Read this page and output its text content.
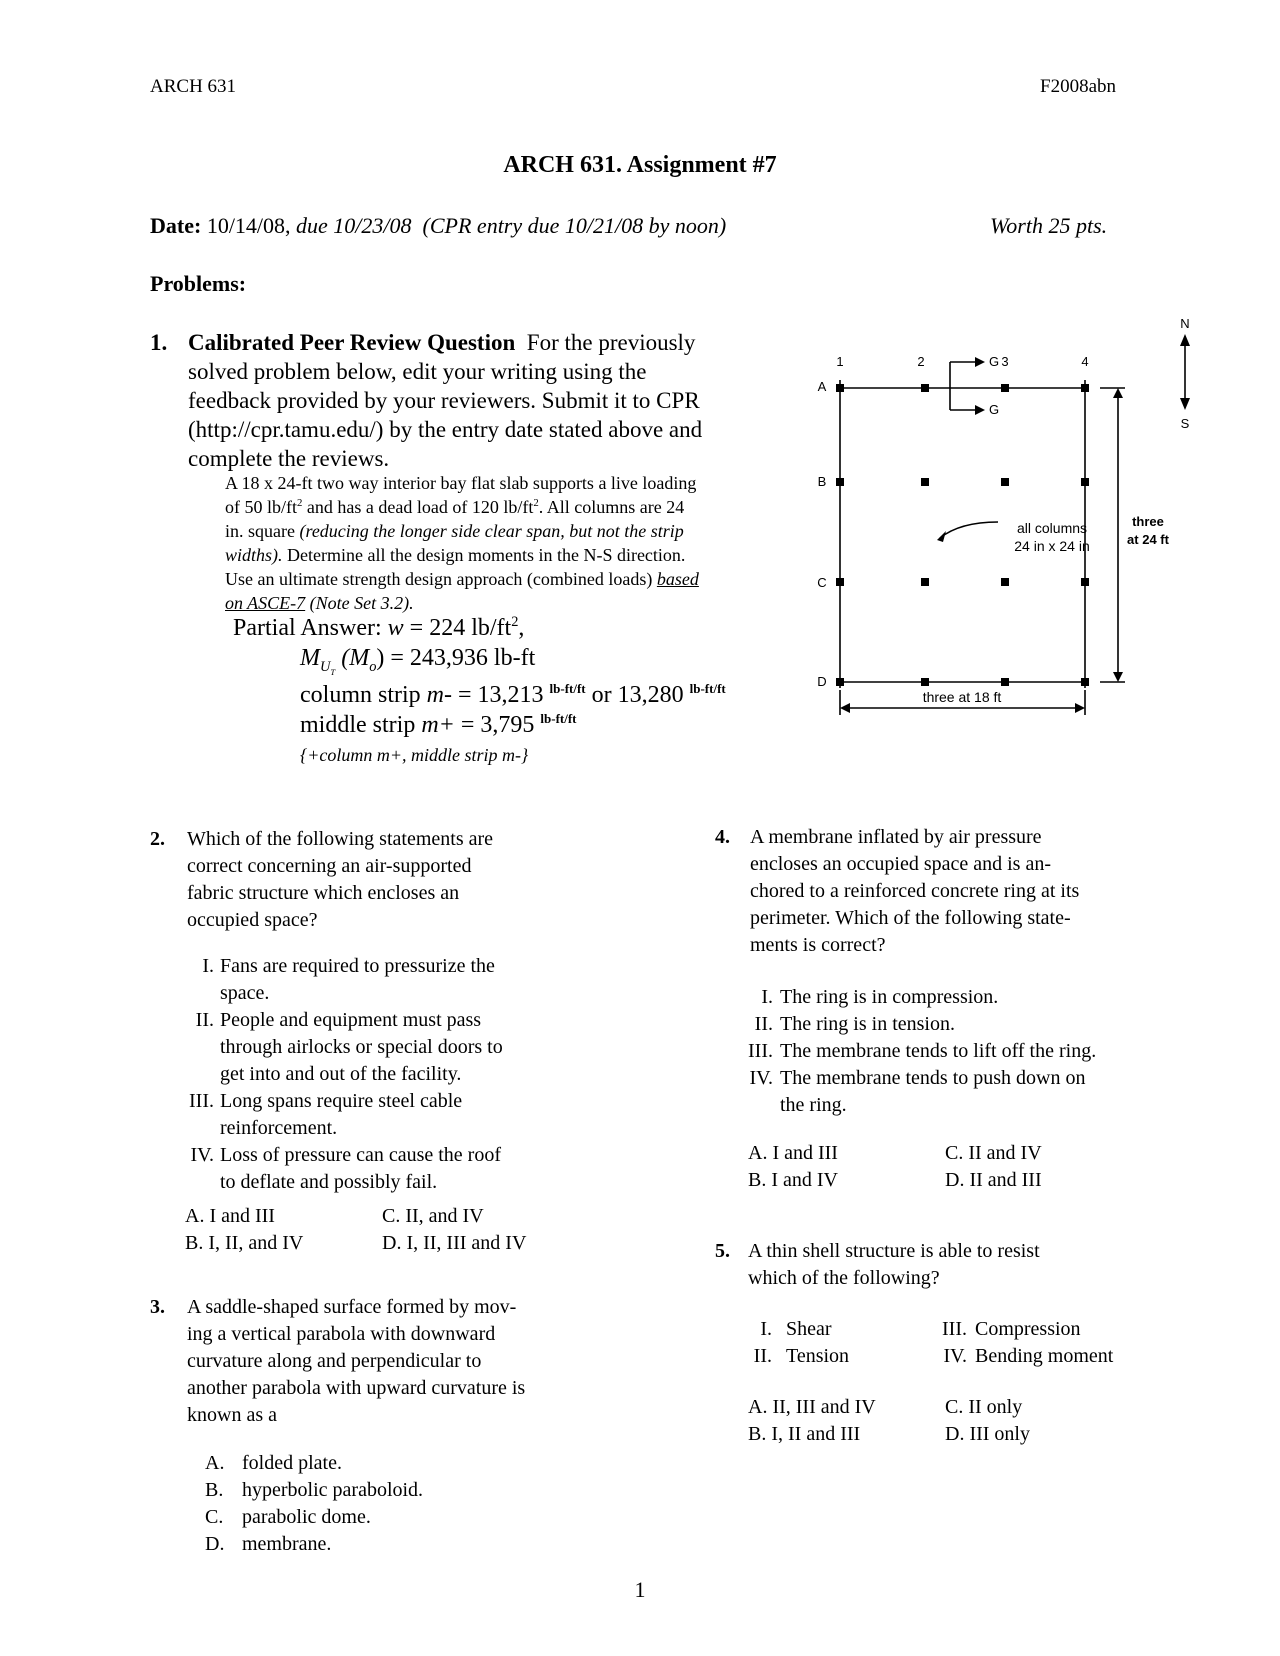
ARCH 631	F2008abn
ARCH 631. Assignment #7
Date: 10/14/08, due 10/23/08 (CPR entry due 10/21/08 by noon)	Worth 25 pts.
Problems:
1. Calibrated Peer Review Question For the previously
solved problem below, edit your writing using the
feedback provided by your reviewers. Submit it to CPR
(http://cpr.tamu.edu/) by the entry date stated above and
complete the reviews.
A 18 x 24-ft two way interior bay flat slab supports a live loading
of 50 $lb/ft^2$ and has a dead load of 120 $lb/ft^2$. All columns are 24
in. square (reducing the longer side clear span, but not the strip
widths). Determine all the design moments in the N-S direction.
Use an ultimate strength design approach (combined loads) based
on ASCE-7 (Note Set 3.2).
Partial Answer: w = 224 $lb/ft^2$,
$M_{U_T}$ $(M_o) = 243,936$ lb-ft
column strip m- = 13,213 $^{lb-ft/ft}$ or 13,280 $^{lb-ft/ft}$
middle strip m+ = 3,795 $^{lb-ft/ft}$
{+column m+, middle strip m-}
1	2	3	4
A
B
C
D
G
G
all columns
24 in x 24 in
three at 18 ft
three
at 24 ft
N
S
2. Which of the following statements are
correct concerning an air-supported
fabric structure which encloses an
occupied space?
I. Fans are required to pressurize the
space.
II. People and equipment must pass
through airlocks or special doors to
get into and out of the facility.
III. Long spans require steel cable
reinforcement.
IV. Loss of pressure can cause the roof
to deflate and possibly fail.
A. I and III	C. II, and IV
B. I, II, and IV	D. I, II, III and IV
3. A saddle-shaped surface formed by mov-
ing a vertical parabola with downward
curvature along and perpendicular to
another parabola with upward curvature is
known as a
A. folded plate.
B. hyperbolic paraboloid.
C. parabolic dome.
D. membrane.
4. A membrane inflated by air pressure
encloses an occupied space and is an-
chored to a reinforced concrete ring at its
perimeter. Which of the following state-
ments is correct?
I. The ring is in compression.
II. The ring is in tension.
III. The membrane tends to lift off the ring.
IV. The membrane tends to push down on
the ring.
A. I and III	C. II and IV
B. I and IV	D. II and III
5. A thin shell structure is able to resist
which of the following?
I. Shear	III. Compression
II. Tension	IV. Bending moment
A. II, III and IV	C. II only
B. I, II and III	D. III only
1
